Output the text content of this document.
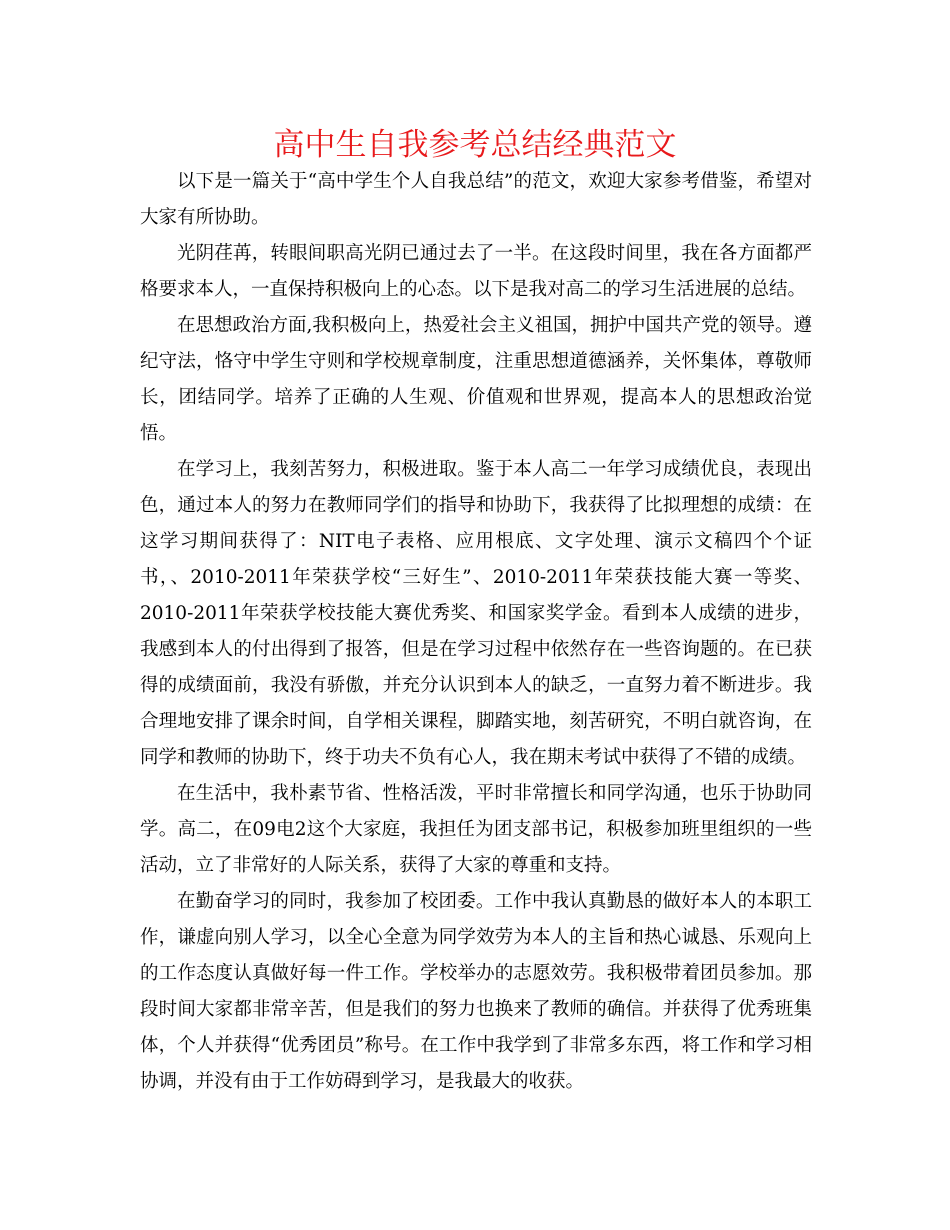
高中生自我参考总结经典范文

以下是一篇关于“高中学生个人自我总结”的范文，欢迎大家参考借鉴，希望对大家有所协助。

光阴荏苒，转眼间职高光阴已通过去了一半。在这段时间里，我在各方面都严格要求本人，一直保持积极向上的心态。以下是我对高二的学习生活进展的总结。

在思想政治方面,我积极向上，热爱社会主义祖国，拥护中国共产党的领导。遵纪守法，恪守中学生守则和学校规章制度，注重思想道德涵养，关怀集体，尊敬师长，团结同学。培养了正确的人生观、价值观和世界观，提高本人的思想政治觉悟。

在学习上，我刻苦努力，积极进取。鉴于本人高二一年学习成绩优良，表现出色，通过本人的努力在教师同学们的指导和协助下，我获得了比拟理想的成绩：在这学习期间获得了：NIT电子表格、应用根底、文字处理、演示文稿四个个证书，、2010-2011年荣获学校“三好生”、2010-2011年荣获技能大赛一等奖、2010-2011年荣获学校技能大赛优秀奖、和国家奖学金。看到本人成绩的进步，我感到本人的付出得到了报答，但是在学习过程中依然存在一些咨询题的。在已获得的成绩面前，我没有骄傲，并充分认识到本人的缺乏，一直努力着不断进步。我合理地安排了课余时间，自学相关课程，脚踏实地，刻苦研究，不明白就咨询，在同学和教师的协助下，终于功夫不负有心人，我在期末考试中获得了不错的成绩。

在生活中，我朴素节省、性格活泼，平时非常擅长和同学沟通，也乐于协助同学。高二，在09电2这个大家庭，我担任为团支部书记，积极参加班里组织的一些活动，立了非常好的人际关系，获得了大家的尊重和支持。

在勤奋学习的同时，我参加了校团委。工作中我认真勤恳的做好本人的本职工作，谦虚向别人学习，以全心全意为同学效劳为本人的主旨和热心诚恳、乐观向上的工作态度认真做好每一件工作。学校举办的志愿效劳。我积极带着团员参加。那段时间大家都非常辛苦，但是我们的努力也换来了教师的确信。并获得了优秀班集体，个人并获得“优秀团员”称号。在工作中我学到了非常多东西，将工作和学习相协调，并没有由于工作妨碍到学习，是我最大的收获。
